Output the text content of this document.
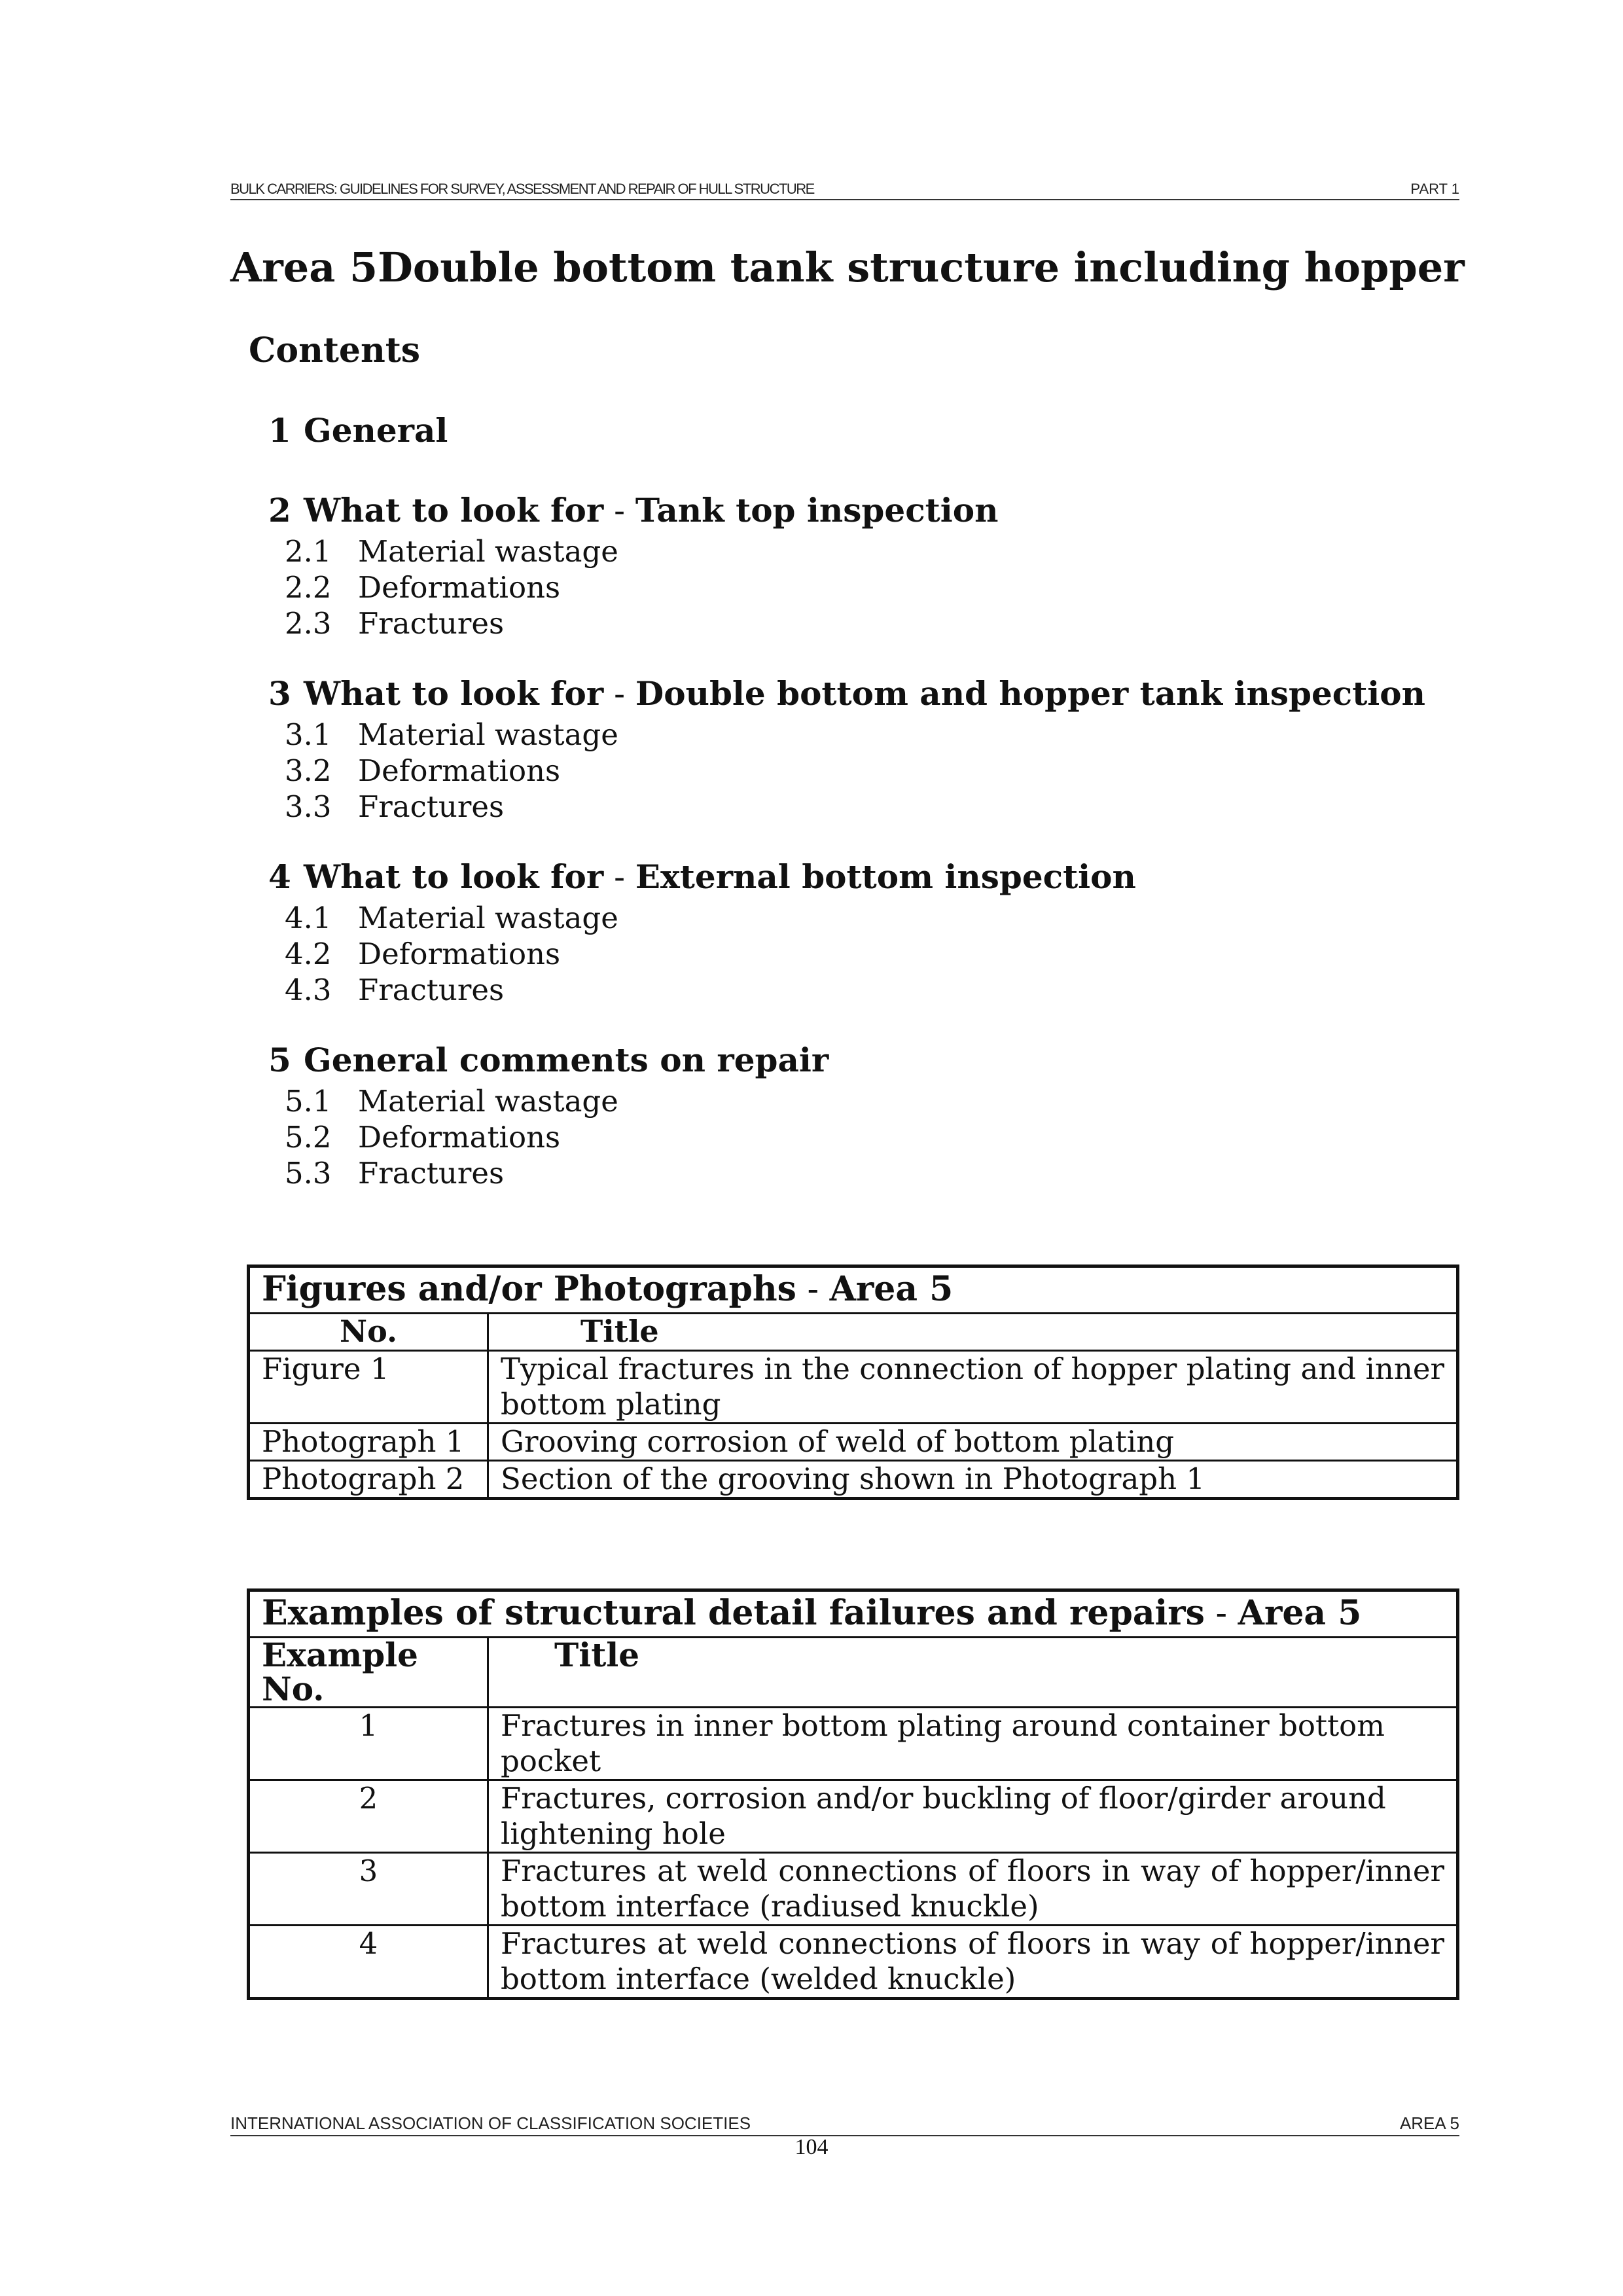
BULK CARRIERS: GUIDELINES FOR SURVEY, ASSESSMENT AND REPAIR OF HULL STRUCTURE	PART 1
Area 5Double bottom tank structure including hopper
Contents
1 General
2 What to look for - Tank top inspection
2.1 Material wastage
2.2 Deformations
2.3 Fractures
3 What to look for - Double bottom and hopper tank inspection
3.1 Material wastage
3.2 Deformations
3.3 Fractures
4 What to look for - External bottom inspection
4.1 Material wastage
4.2 Deformations
4.3 Fractures
5 General comments on repair
5.1 Material wastage
5.2 Deformations
5.3 Fractures
Figures and/or Photographs - Area 5	
No.	Title
Figure 1	Typical fractures in the connection of hopper plating and inner bottom plating
Photograph 1	Grooving corrosion of weld of bottom plating
Photograph 2	Section of the grooving shown in Photograph 1
Examples of structural detail failures and repairs - Area 5	
Example No.	Title
1	Fractures in inner bottom plating around container bottom pocket
2	Fractures, corrosion and/or buckling of floor/girder around lightening hole
3	Fractures at weld connections of floors in way of hopper/inner bottom interface (radiused knuckle)
4	Fractures at weld connections of floors in way of hopper/inner bottom interface (welded knuckle)
INTERNATIONAL ASSOCIATION OF CLASSIFICATION SOCIETIES	AREA 5
104
